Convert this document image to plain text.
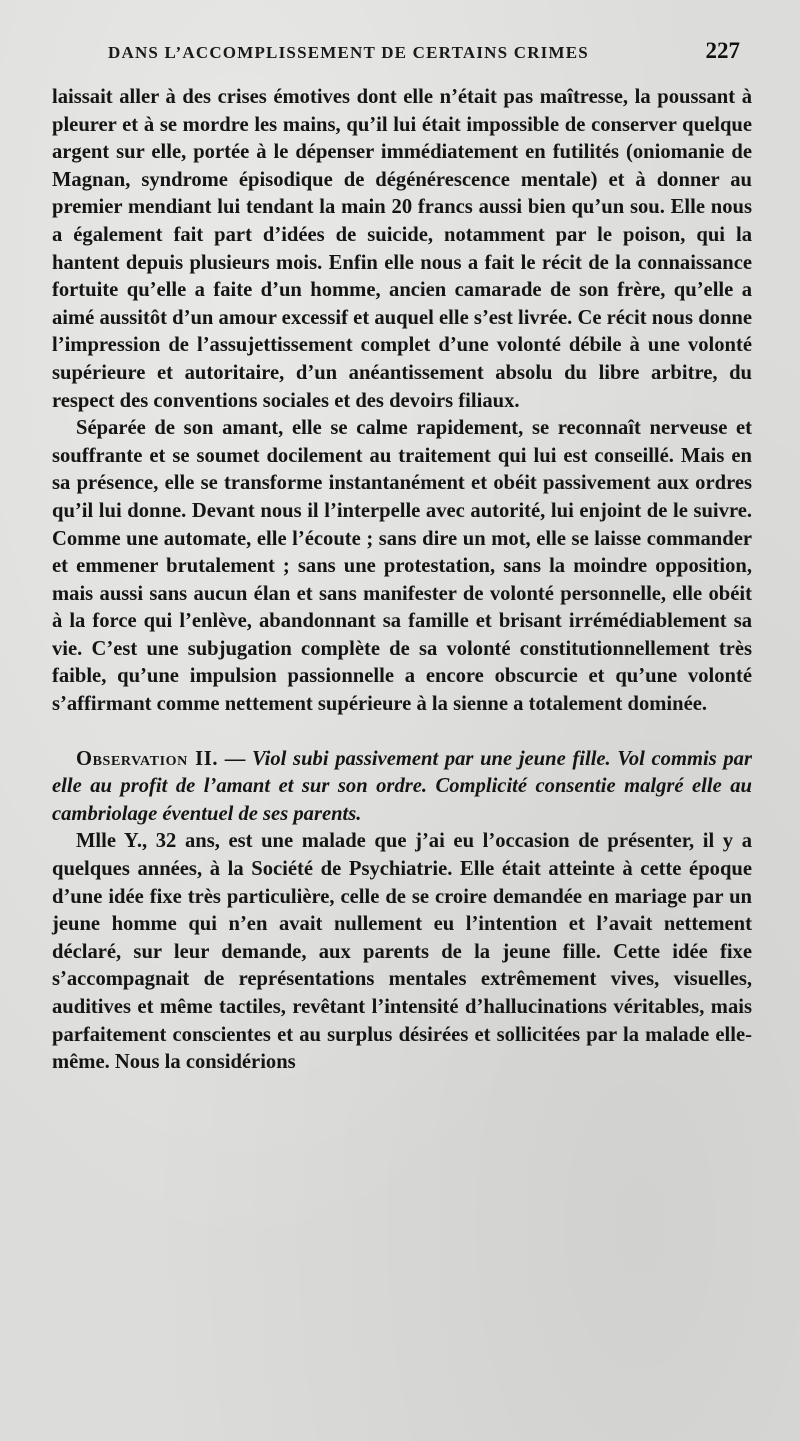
DANS L’ACCOMPLISSEMENT DE CERTAINS CRIMES	227

laissait aller à des crises émotives dont elle n’était pas maîtresse, la poussant à pleurer et à se mordre les mains, qu’il lui était impossible de conserver quelque argent sur elle, portée à le dépenser immédiatement en futilités (oniomanie de Magnan, syndrome épisodique de dégénérescence mentale) et à donner au premier mendiant lui tendant la main 20 francs aussi bien qu’un sou. Elle nous a également fait part d’idées de suicide, notamment par le poison, qui la hantent depuis plusieurs mois. Enfin elle nous a fait le récit de la connaissance fortuite qu’elle a faite d’un homme, ancien camarade de son frère, qu’elle a aimé aussitôt d’un amour excessif et auquel elle s’est livrée. Ce récit nous donne l’impression de l’assujettissement complet d’une volonté débile à une volonté supérieure et autoritaire, d’un anéantissement absolu du libre arbitre, du respect des conventions sociales et des devoirs filiaux.

Séparée de son amant, elle se calme rapidement, se reconnaît nerveuse et souffrante et se soumet docilement au traitement qui lui est conseillé. Mais en sa présence, elle se transforme instantanément et obéit passivement aux ordres qu’il lui donne. Devant nous il l’interpelle avec autorité, lui enjoint de le suivre. Comme une automate, elle l’écoute ; sans dire un mot, elle se laisse commander et emmener brutalement ; sans une protestation, sans la moindre opposition, mais aussi sans aucun élan et sans manifester de volonté personnelle, elle obéit à la force qui l’enlève, abandonnant sa famille et brisant irrémédiablement sa vie. C’est une subjugation complète de sa volonté constitutionnellement très faible, qu’une impulsion passionnelle a encore obscurcie et qu’une volonté s’affirmant comme nettement supérieure à la sienne a totalement dominée.

Observation II. — Viol subi passivement par une jeune fille. Vol commis par elle au profit de l’amant et sur son ordre. Complicité consentie malgré elle au cambriolage éventuel de ses parents.

Mlle Y., 32 ans, est une malade que j’ai eu l’occasion de présenter, il y a quelques années, à la Société de Psychiatrie. Elle était atteinte à cette époque d’une idée fixe très particulière, celle de se croire demandée en mariage par un jeune homme qui n’en avait nullement eu l’intention et l’avait nettement déclaré, sur leur demande, aux parents de la jeune fille. Cette idée fixe s’accompagnait de représentations mentales extrêmement vives, visuelles, auditives et même tactiles, revêtant l’intensité d’hallucinations véritables, mais parfaitement conscientes et au surplus désirées et sollicitées par la malade elle-même. Nous la considérions
